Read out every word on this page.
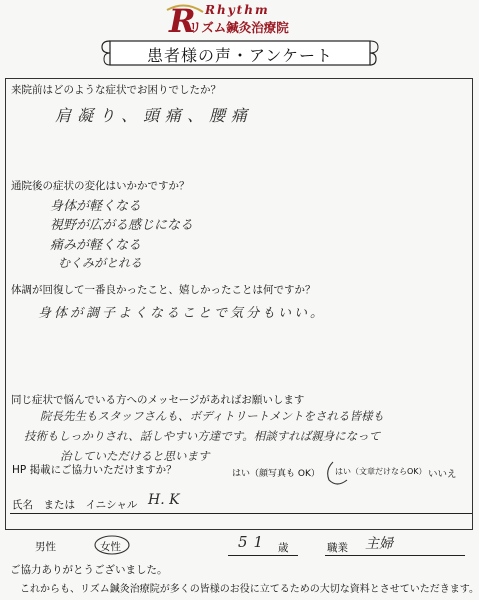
R Rhythm
リズム鍼灸治療院
患者様の声・アンケート
来院前はどのような症状でお困りでしたか？
肩凝り、頭痛、腰痛
通院後の症状の変化はいかかですか？
身体が軽くなる
視野が広がる感じになる
痛みが軽くなる
むくみがとれる
体調が回復して一番良かったこと、嬉しかったことは何ですか？
身体が調子よくなることで気分もいい。
同じ症状で悩んでいる方へのメッセージがあればお願いします
院長先生もスタッフさんも、ボディトリートメントをされる皆様も
技術もしっかりされ、話しやすい方達です。相談すれば親身になって
治していただけると思います
HP 掲載にご協力いただけますか？	はい（顔写真も OK） はい（文章だけならOK） いいえ
氏名　または　イニシャル H. K
男性	女性	51 歳	職業 主婦
ご協力ありがとうございました。
これからも、リズム鍼灸治療院が多くの皆様のお役に立てるための大切な資料とさせていただきます。
